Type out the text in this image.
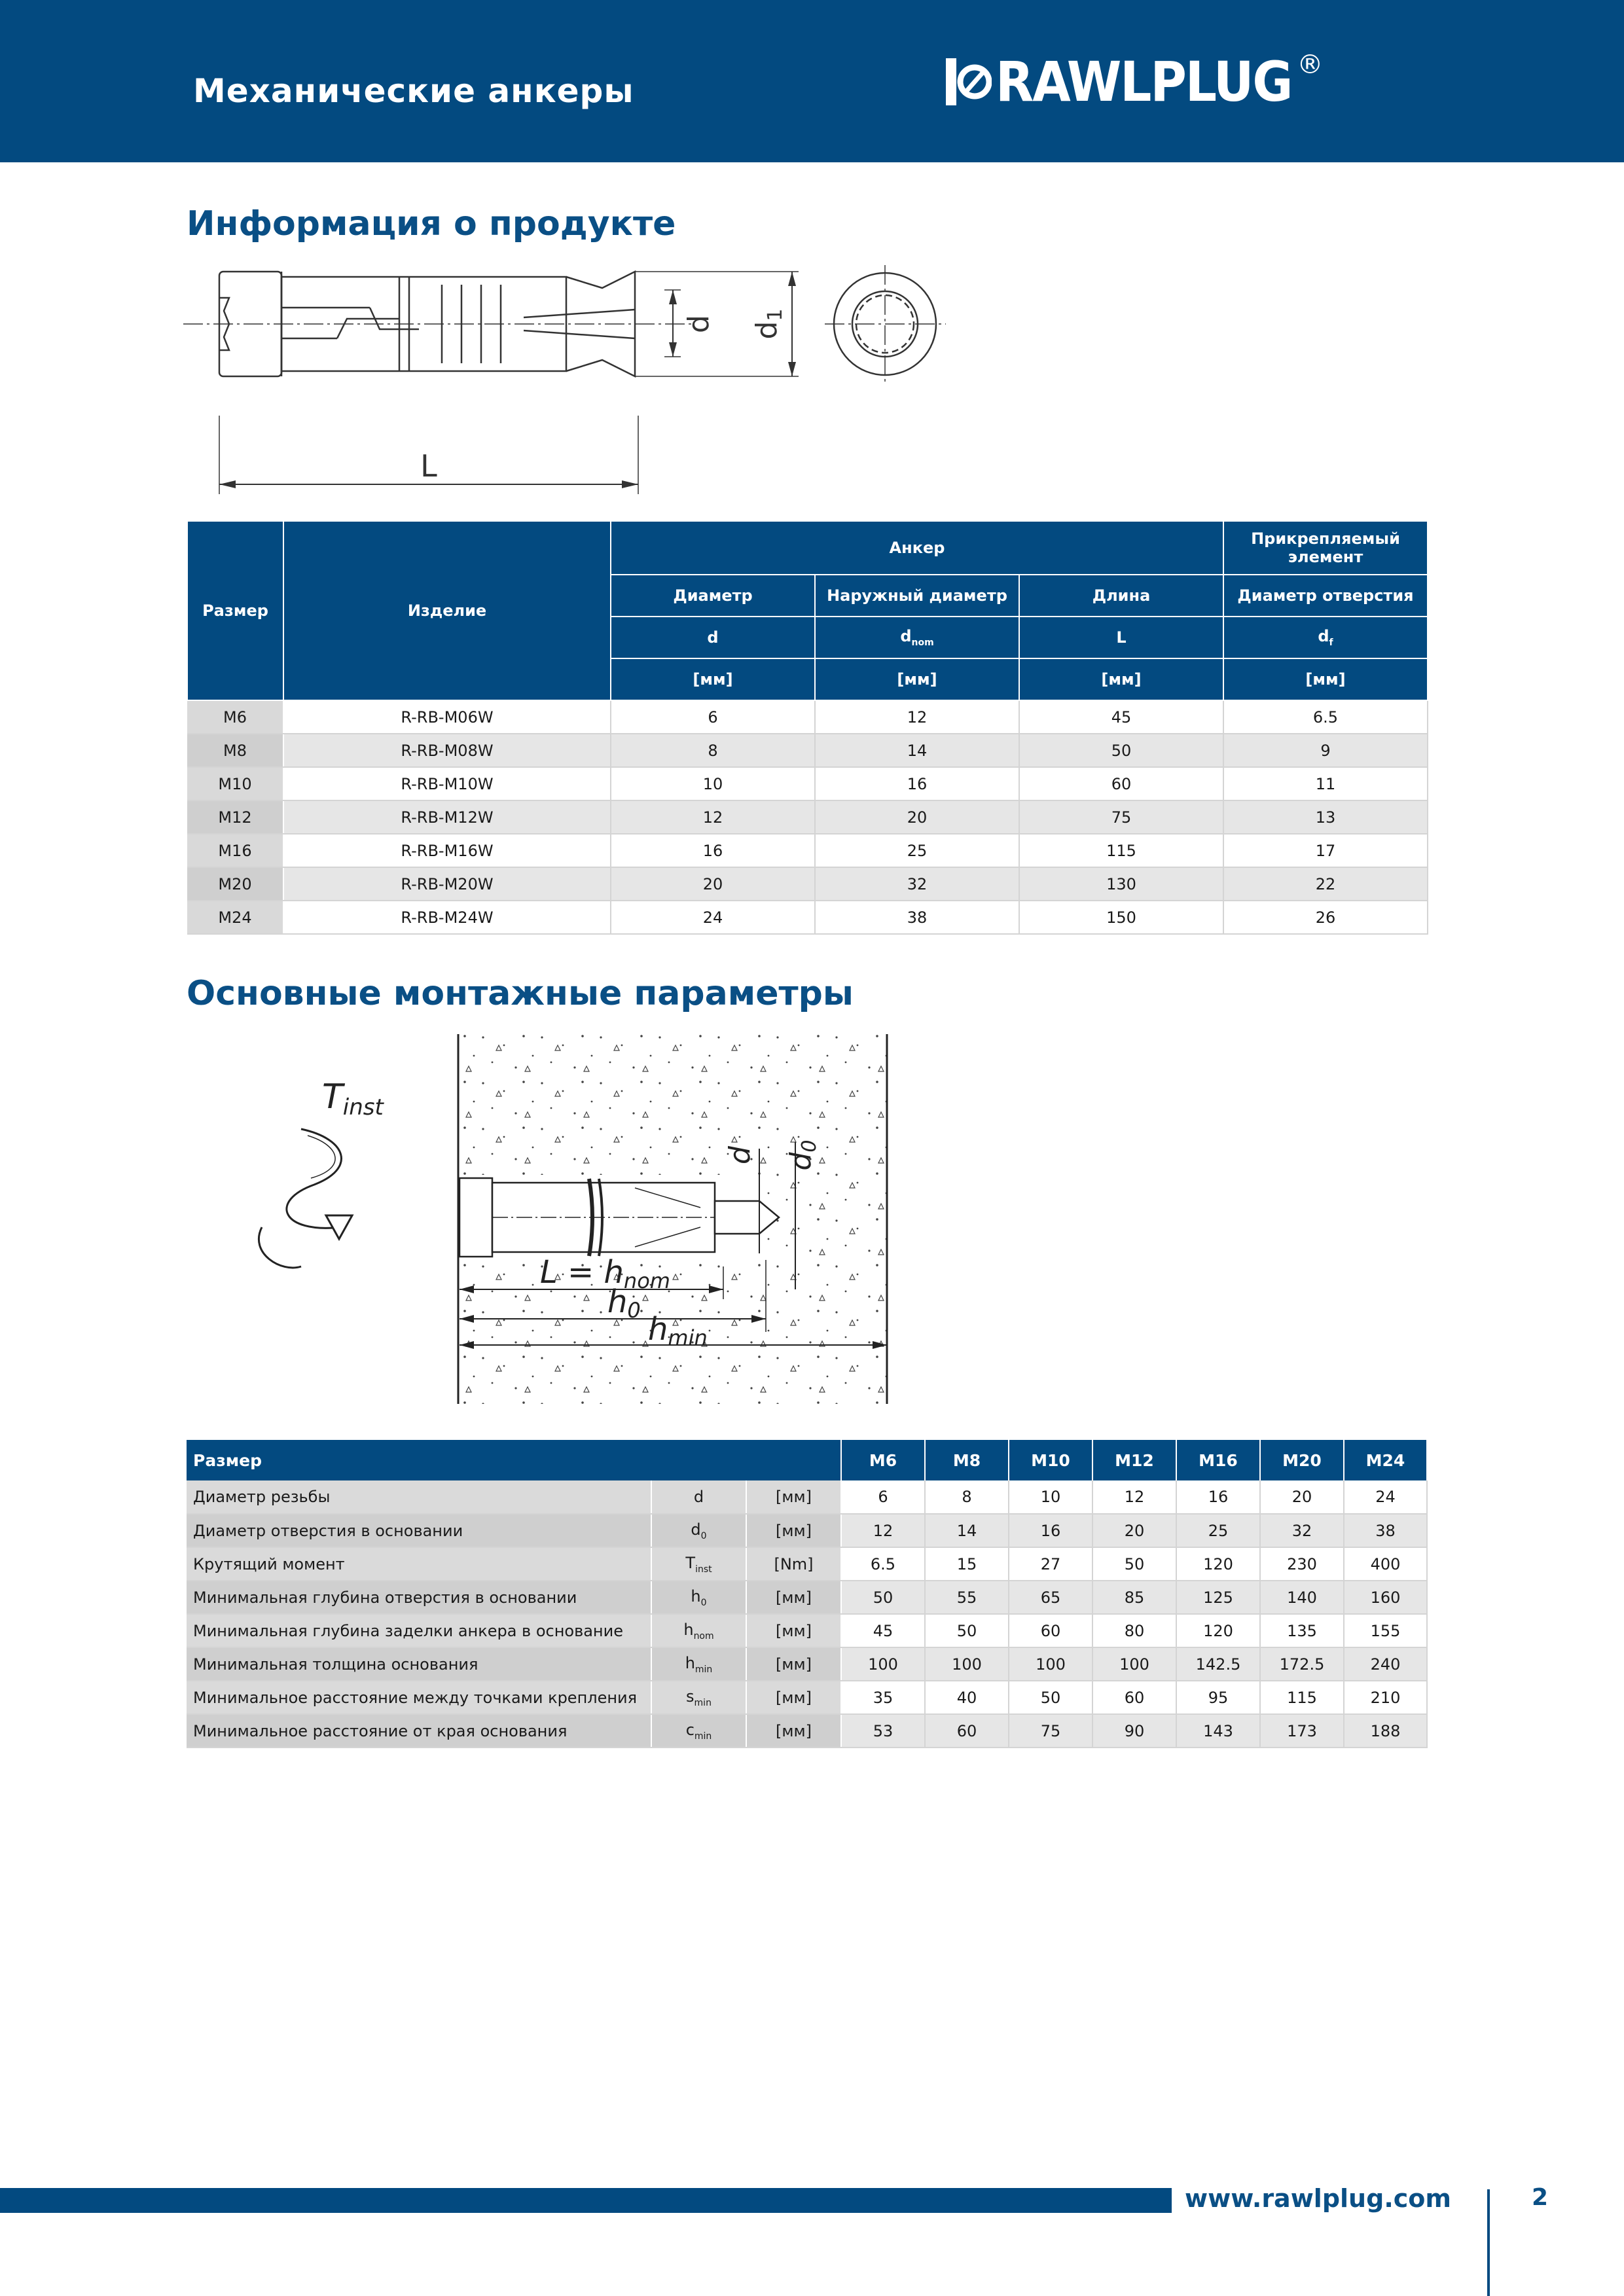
Механические анкеры	RAWLPLUG ®
Информация о продукте
d d1
L
Размер	Изделие	Анкер			Прикрепляемый элемент
		Диаметр	Наружный диаметр	Длина	Диаметр отверстия
		d	$d_{nom}$	L	$d_f$
		[мм]	[мм]	[мм]	[мм]
M6	R-RB-M06W	6	12	45	6.5
M8	R-RB-M08W	8	14	50	9
M10	R-RB-M10W	10	16	60	11
M12	R-RB-M12W	12	20	75	13
M16	R-RB-M16W	16	25	115	17
M20	R-RB-M20W	20	32	130	22
M24	R-RB-M24W	24	38	150	26
Основные монтажные параметры
Tinst
d d0
L = hnom
h0
hmin
Размер			M6	M8	M10	M12	M16	M20	M24
Диаметр резьбы	d	[мм]	6	8	10	12	16	20	24
Диаметр отверстия в основании	$d_0$	[мм]	12	14	16	20	25	32	38
Крутящий момент	$T_{inst}$	[Nm]	6.5	15	27	50	120	230	400
Минимальная глубина отверстия в основании	$h_0$	[мм]	50	55	65	85	125	140	160
Минимальная глубина заделки анкера в основание	$h_{nom}$	[мм]	45	50	60	80	120	135	155
Минимальная толщина основания	$h_{min}$	[мм]	100	100	100	100	142.5	172.5	240
Минимальное расстояние между точками крепления	$s_{min}$	[мм]	35	40	50	60	95	115	210
Минимальное расстояние от края основания	$c_{min}$	[мм]	53	60	75	90	143	173	188
www.rawlplug.com	2
